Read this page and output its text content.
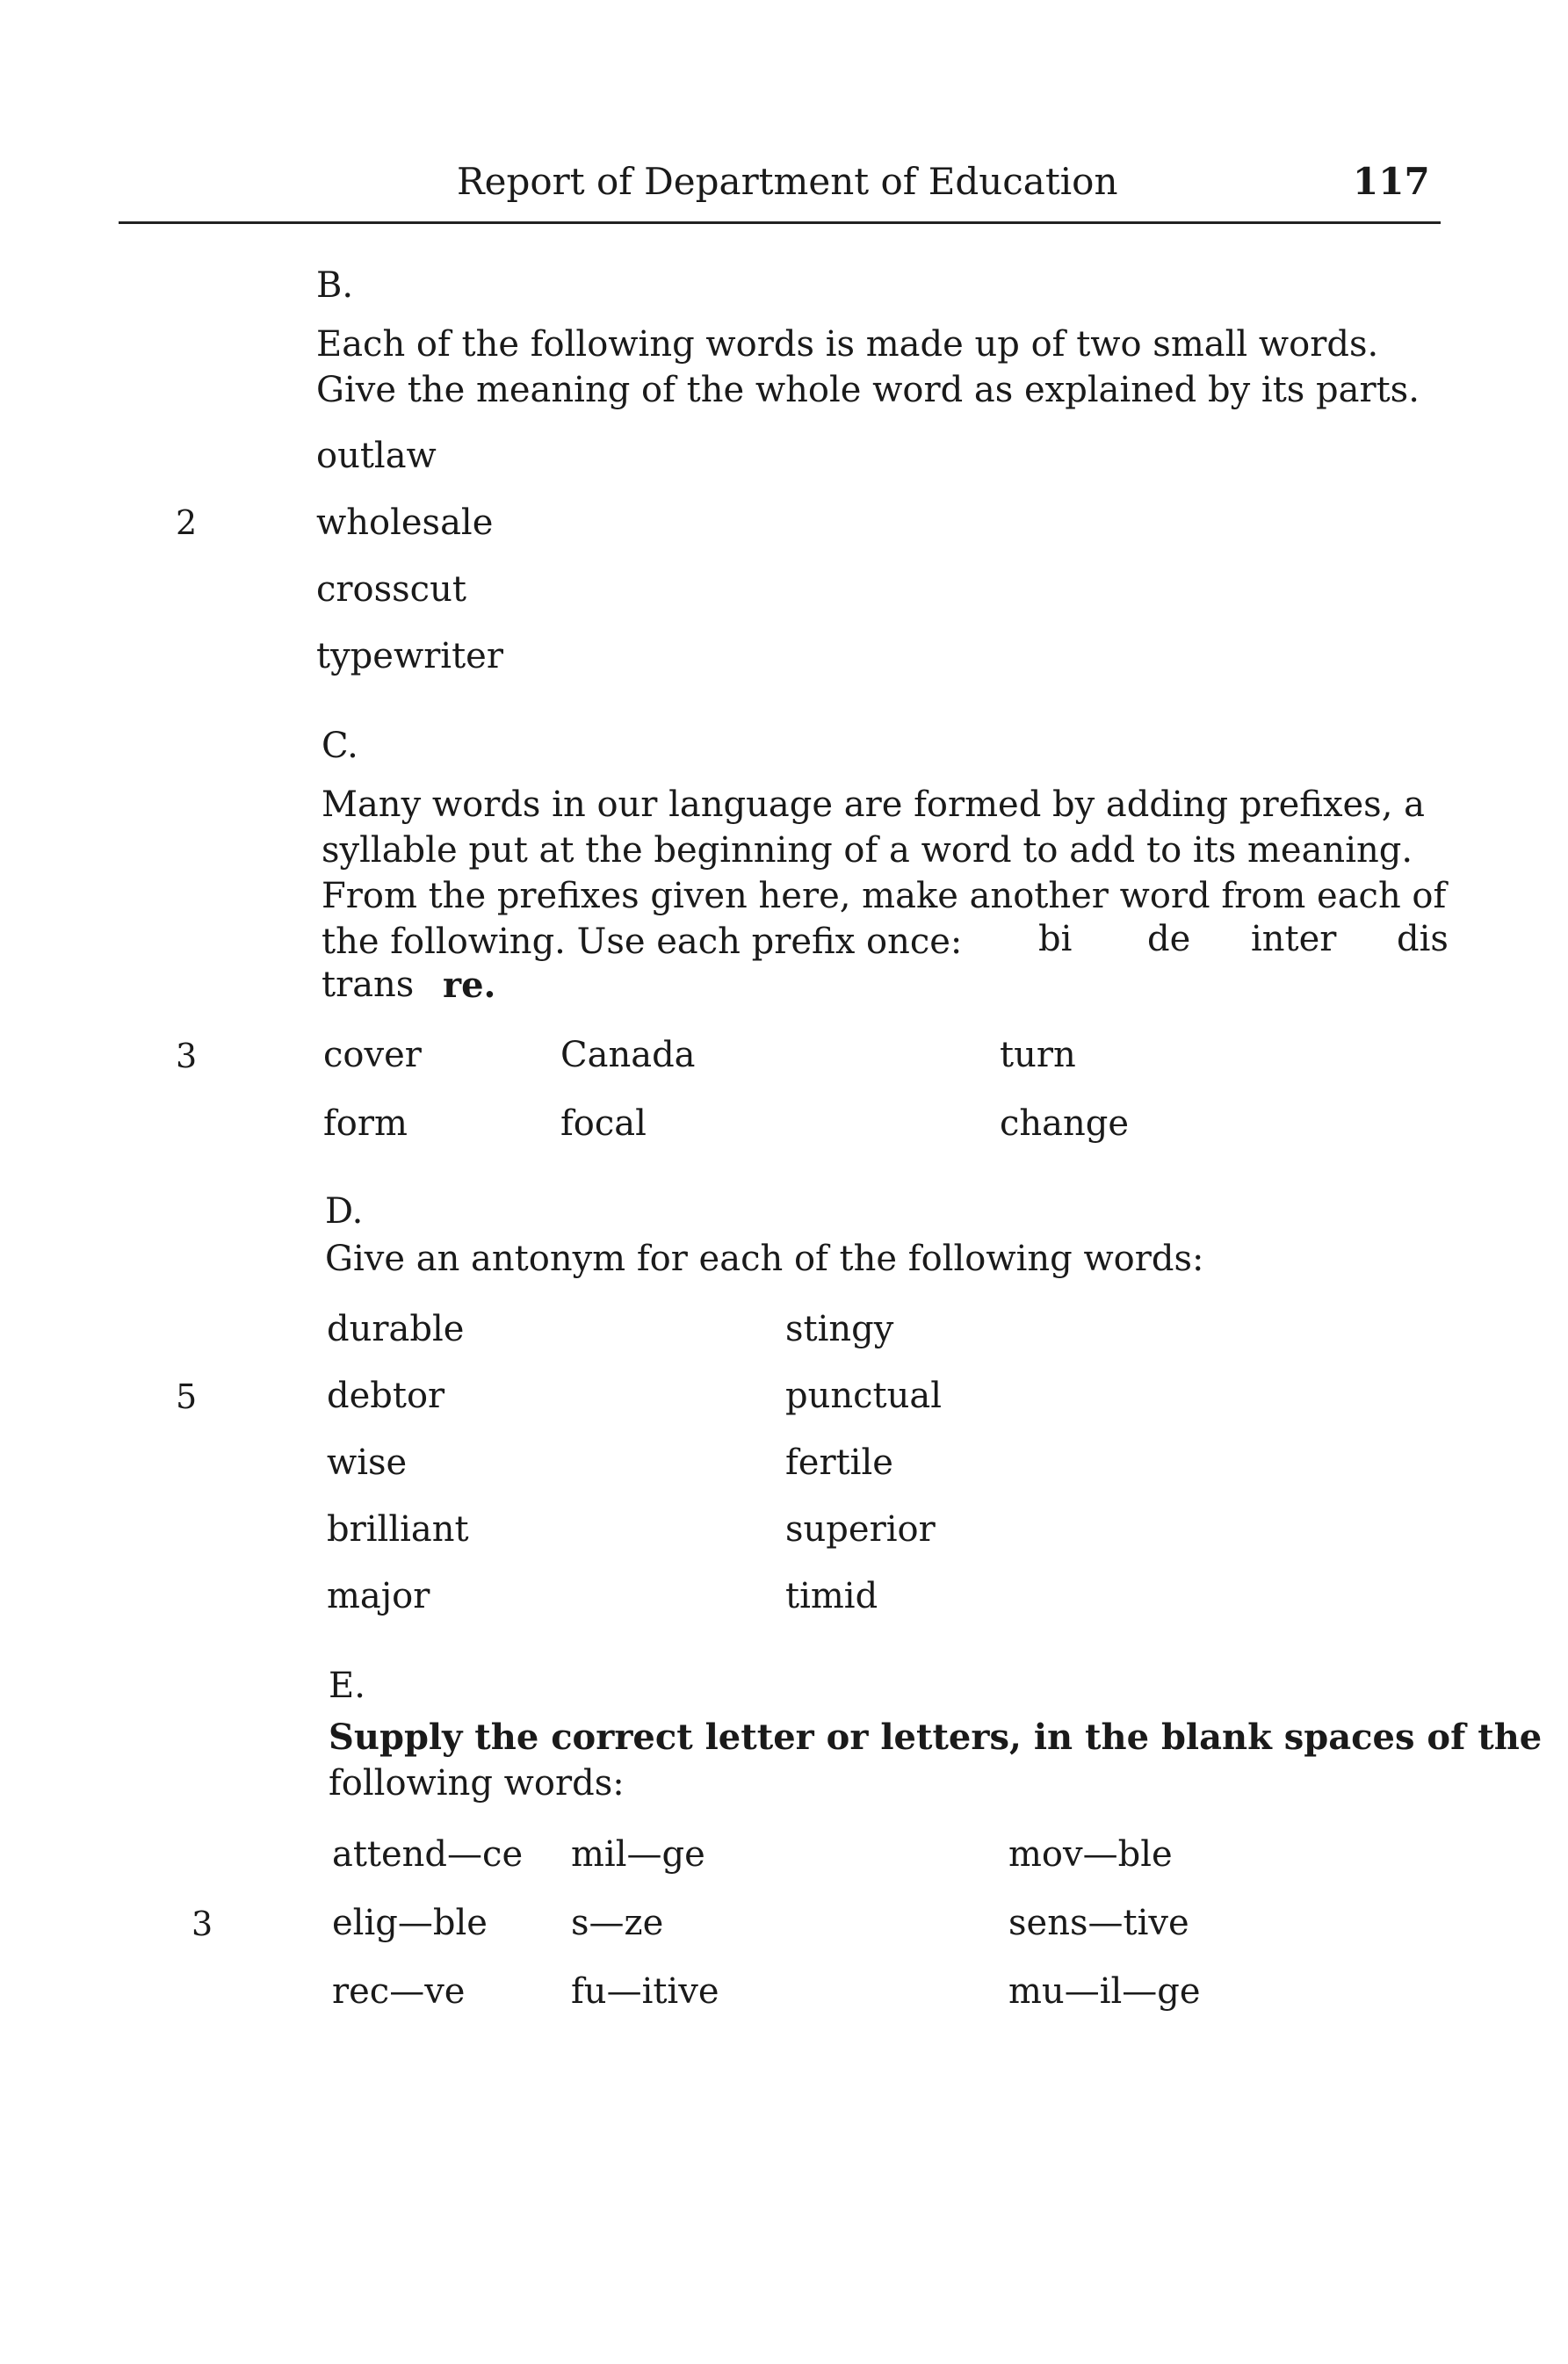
Report of Department of Education	117
B.
Each of the following words is made up of two small words.
Give the meaning of the whole word as explained by its parts.
outlaw
2	wholesale
crosscut
typewriter
C.
Many words in our language are formed by adding prefixes, a
syllable put at the beginning of a word to add to its meaning.
From the prefixes given here, make another word from each of
the following. Use each prefix once:	bi de inter dis
trans re.
3	cover	Canada	turn
form	focal	change
D.
Give an antonym for each of the following words:
durable	stingy
5	debtor	punctual
wise	fertile
brilliant	superior
major	timid
E.
Supply the correct letter or letters, in the blank spaces of the
following words:
attend—ce mil—ge	mov—ble
3	elig—ble s—ze	sens—tive
rec—ve	fu—itive	mu—il—ge
